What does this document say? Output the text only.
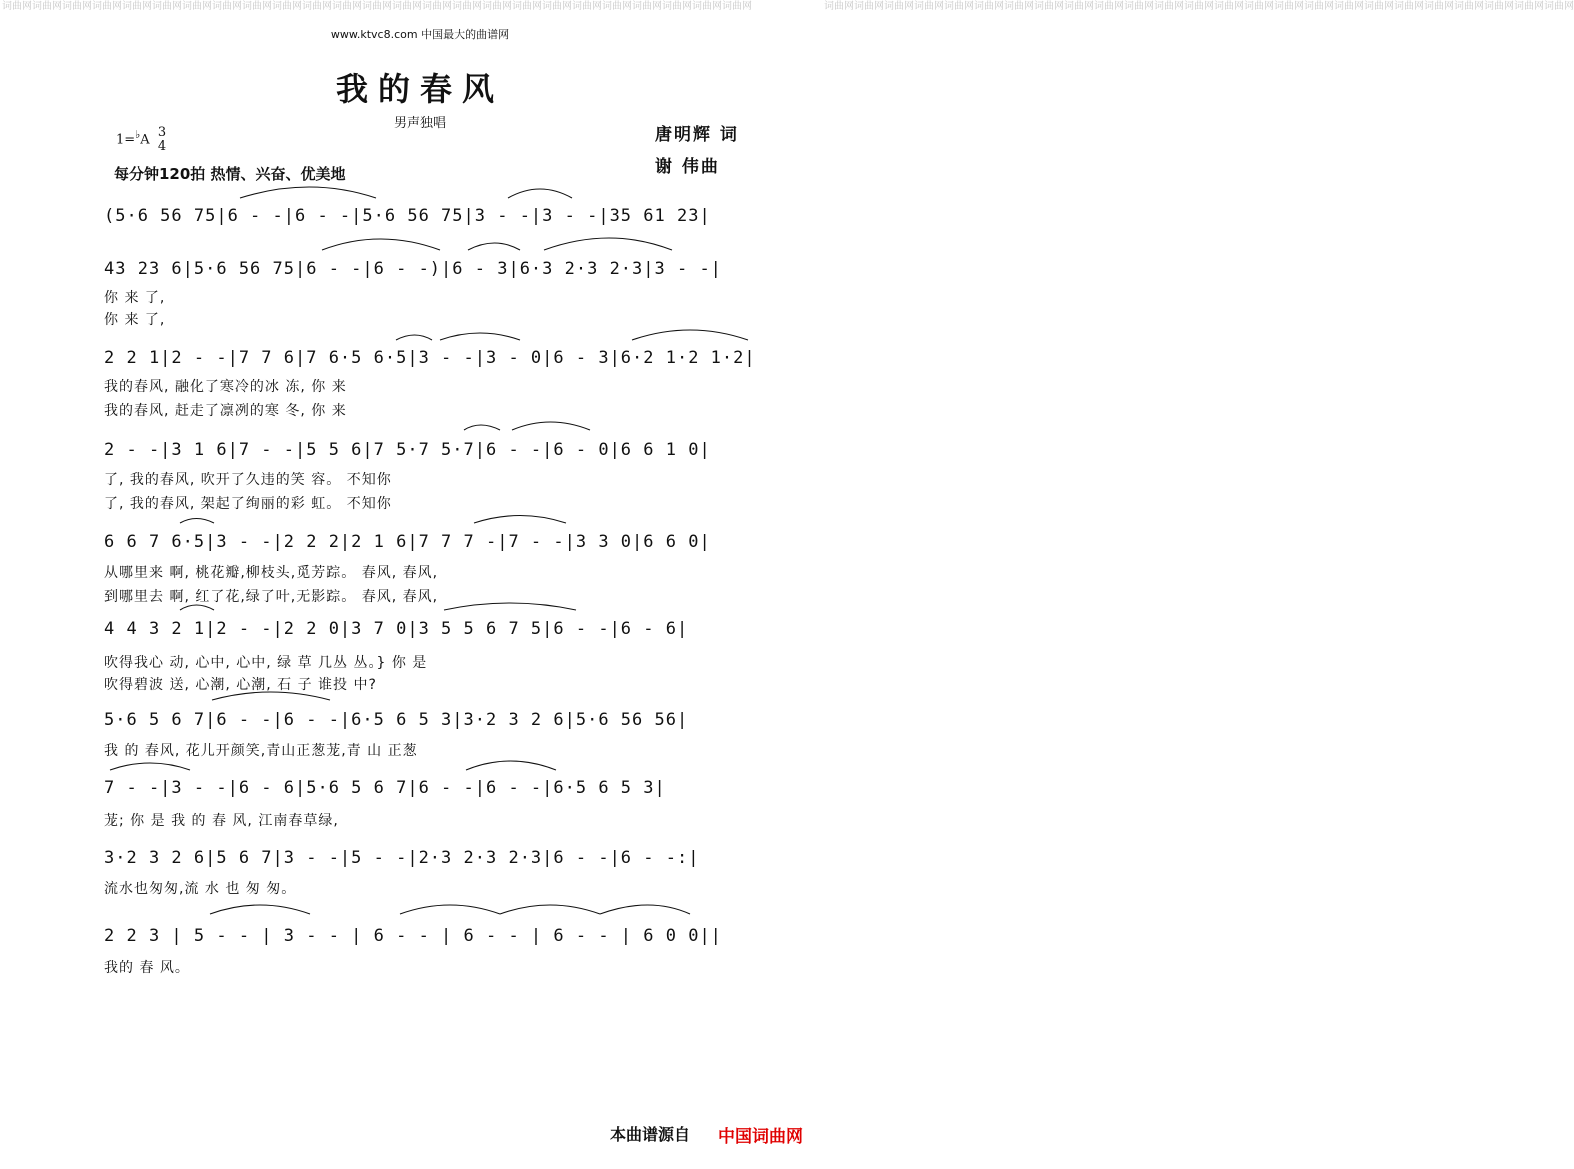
词曲网词曲网词曲网词曲网词曲网词曲网词曲网词曲网词曲网词曲网词曲网词曲网词曲网词曲网词曲网词曲网词曲网词曲网词曲网词曲网词曲网词曲网词曲网词曲网词曲网	词曲网词曲网词曲网词曲网词曲网词曲网词曲网词曲网词曲网词曲网词曲网词曲网词曲网词曲网词曲网词曲网词曲网词曲网词曲网词曲网词曲网词曲网词曲网词曲网词曲网
www.ktvc8.com 中国最大的曲谱网
我的春风
男声独唱
1=♭A 3
4
每分钟120拍 热情、兴奋、优美地
唐明辉 词
谢 伟曲
(5·6 56 75|6 - -|6 - -|5·6 56 75|3 - -|3 - -|35 61 23|
43 23 6|5·6 56 75|6 - -|6 - -)|6 - 3|6·3 2·3 2·3|3 - -|
你 来 了,
你 来 了,
2 2 1|2 - -|7 7 6|7 6·5 6·5|3 - -|3 - 0|6 - 3|6·2 1·2 1·2|
我的春风, 融化了寒冷的冰 冻, 你 来
我的春风, 赶走了凛冽的寒 冬, 你 来
2 - -|3 1 6|7 - -|5 5 6|7 5·7 5·7|6 - -|6 - 0|6 6 1 0|
了, 我的春风, 吹开了久违的笑 容。 不知你
了, 我的春风, 架起了绚丽的彩 虹。 不知你
6 6 7 6·5|3 - -|2 2 2|2 1 6|7 7 7 -|7 - -|3 3 0|6 6 0|
从哪里来 啊, 桃花瓣,柳枝头,觅芳踪。 春风, 春风,
到哪里去 啊, 红了花,绿了叶,无影踪。 春风, 春风,
4 4 3 2 1|2 - -|2 2 0|3 7 0|3 5 5 6 7 5|6 - -|6 - 6|
吹得我心 动, 心中, 心中, 绿 草 几丛 丛。} 你 是
吹得碧波 送, 心潮, 心潮, 石 子 谁投 中?
5·6 5 6 7|6 - -|6 - -|6·5 6 5 3|3·2 3 2 6|5·6 56 56|
我 的 春风, 花儿开颜笑,青山正葱茏,青 山 正葱
7 - -|3 - -|6 - 6|5·6 5 6 7|6 - -|6 - -|6·5 6 5 3|
茏; 你 是 我 的 春 风, 江南春草绿,
3·2 3 2 6|5 6 7|3 - -|5 - -|2·3 2·3 2·3|6 - -|6 - -:|
流水也匆匆,流 水 也 匆 匆。
2 2 3 | 5 - - | 3 - - | 6 - - | 6 - - | 6 - - | 6 0 0||
我的 春 风。
本曲谱源自 中国词曲网
